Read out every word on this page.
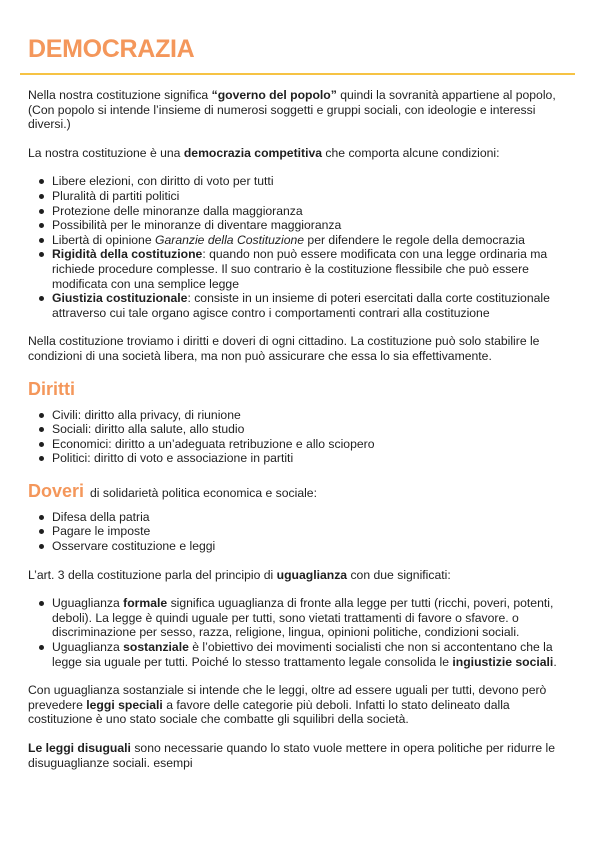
DEMOCRAZIA

Nella nostra costituzione significa “governo del popolo” quindi la sovranità appartiene al popolo, (Con popolo si intende l’insieme di numerosi soggetti e gruppi sociali, con ideologie e interessi diversi.)

La nostra costituzione è una democrazia competitiva che comporta alcune condizioni:

Libere elezioni, con diritto di voto per tutti
Pluralità di partiti politici
Protezione delle minoranze dalla maggioranza
Possibilità per le minoranze di diventare maggioranza
Libertà di opinione Garanzie della Costituzione per difendere le regole della democrazia
Rigidità della costituzione: quando non può essere modificata con una legge ordinaria ma richiede procedure complesse. Il suo contrario è la costituzione flessibile che può essere modificata con una semplice legge
Giustizia costituzionale: consiste in un insieme di poteri esercitati dalla corte costituzionale attraverso cui tale organo agisce contro i comportamenti contrari alla costituzione

Nella costituzione troviamo i diritti e doveri di ogni cittadino. La costituzione può solo stabilire le condizioni di una società libera, ma non può assicurare che essa lo sia effettivamente.

Diritti
Civili: diritto alla privacy, di riunione
Sociali: diritto alla salute, allo studio
Economici: diritto a un’adeguata retribuzione e allo sciopero
Politici: diritto di voto e associazione in partiti
Doveri di solidarietà politica economica e sociale:
Difesa della patria
Pagare le imposte
Osservare costituzione e leggi

L’art. 3 della costituzione parla del principio di uguaglianza con due significati:

Uguaglianza formale significa uguaglianza di fronte alla legge per tutti (ricchi, poveri, potenti, deboli). La legge è quindi uguale per tutti, sono vietati trattamenti di favore o sfavore. o discriminazione per sesso, razza, religione, lingua, opinioni politiche, condizioni sociali.
Uguaglianza sostanziale è l’obiettivo dei movimenti socialisti che non si accontentano che la legge sia uguale per tutti. Poiché lo stesso trattamento legale consolida le ingiustizie sociali.

Con uguaglianza sostanziale si intende che le leggi, oltre ad essere uguali per tutti, devono però prevedere leggi speciali a favore delle categorie più deboli. Infatti lo stato delineato dalla costituzione è uno stato sociale che combatte gli squilibri della società.

Le leggi disuguali sono necessarie quando lo stato vuole mettere in opera politiche per ridurre le disuguaglianze sociali. esempi
